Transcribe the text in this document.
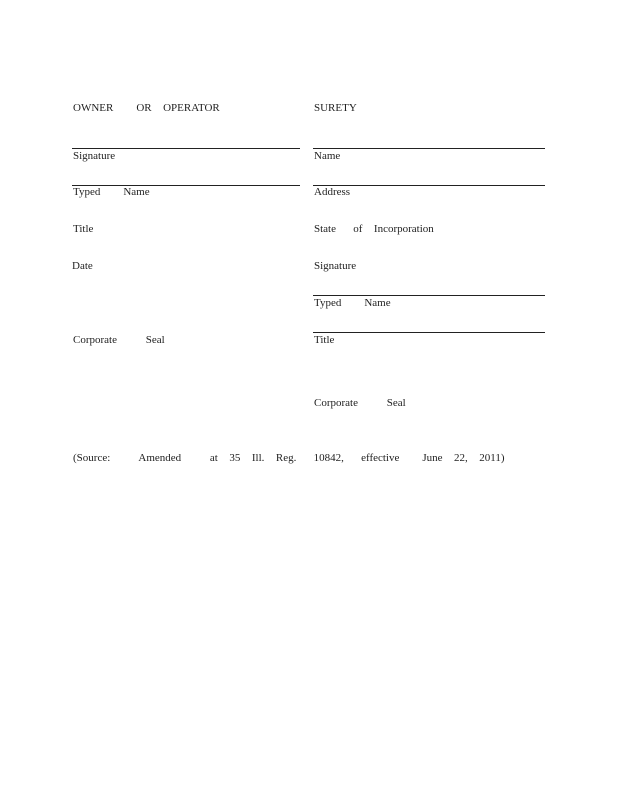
OWNER    OR  OPERATOR
Signature
Typed    Name
Title
Date
Corporate     Seal
SURETY
Name
Address
State   of  Incorporation
Signature
Typed    Name
Title
Corporate     Seal
(Source:     Amended     at  35  Ill.  Reg.   10842,   effective    June  22,  2011)
